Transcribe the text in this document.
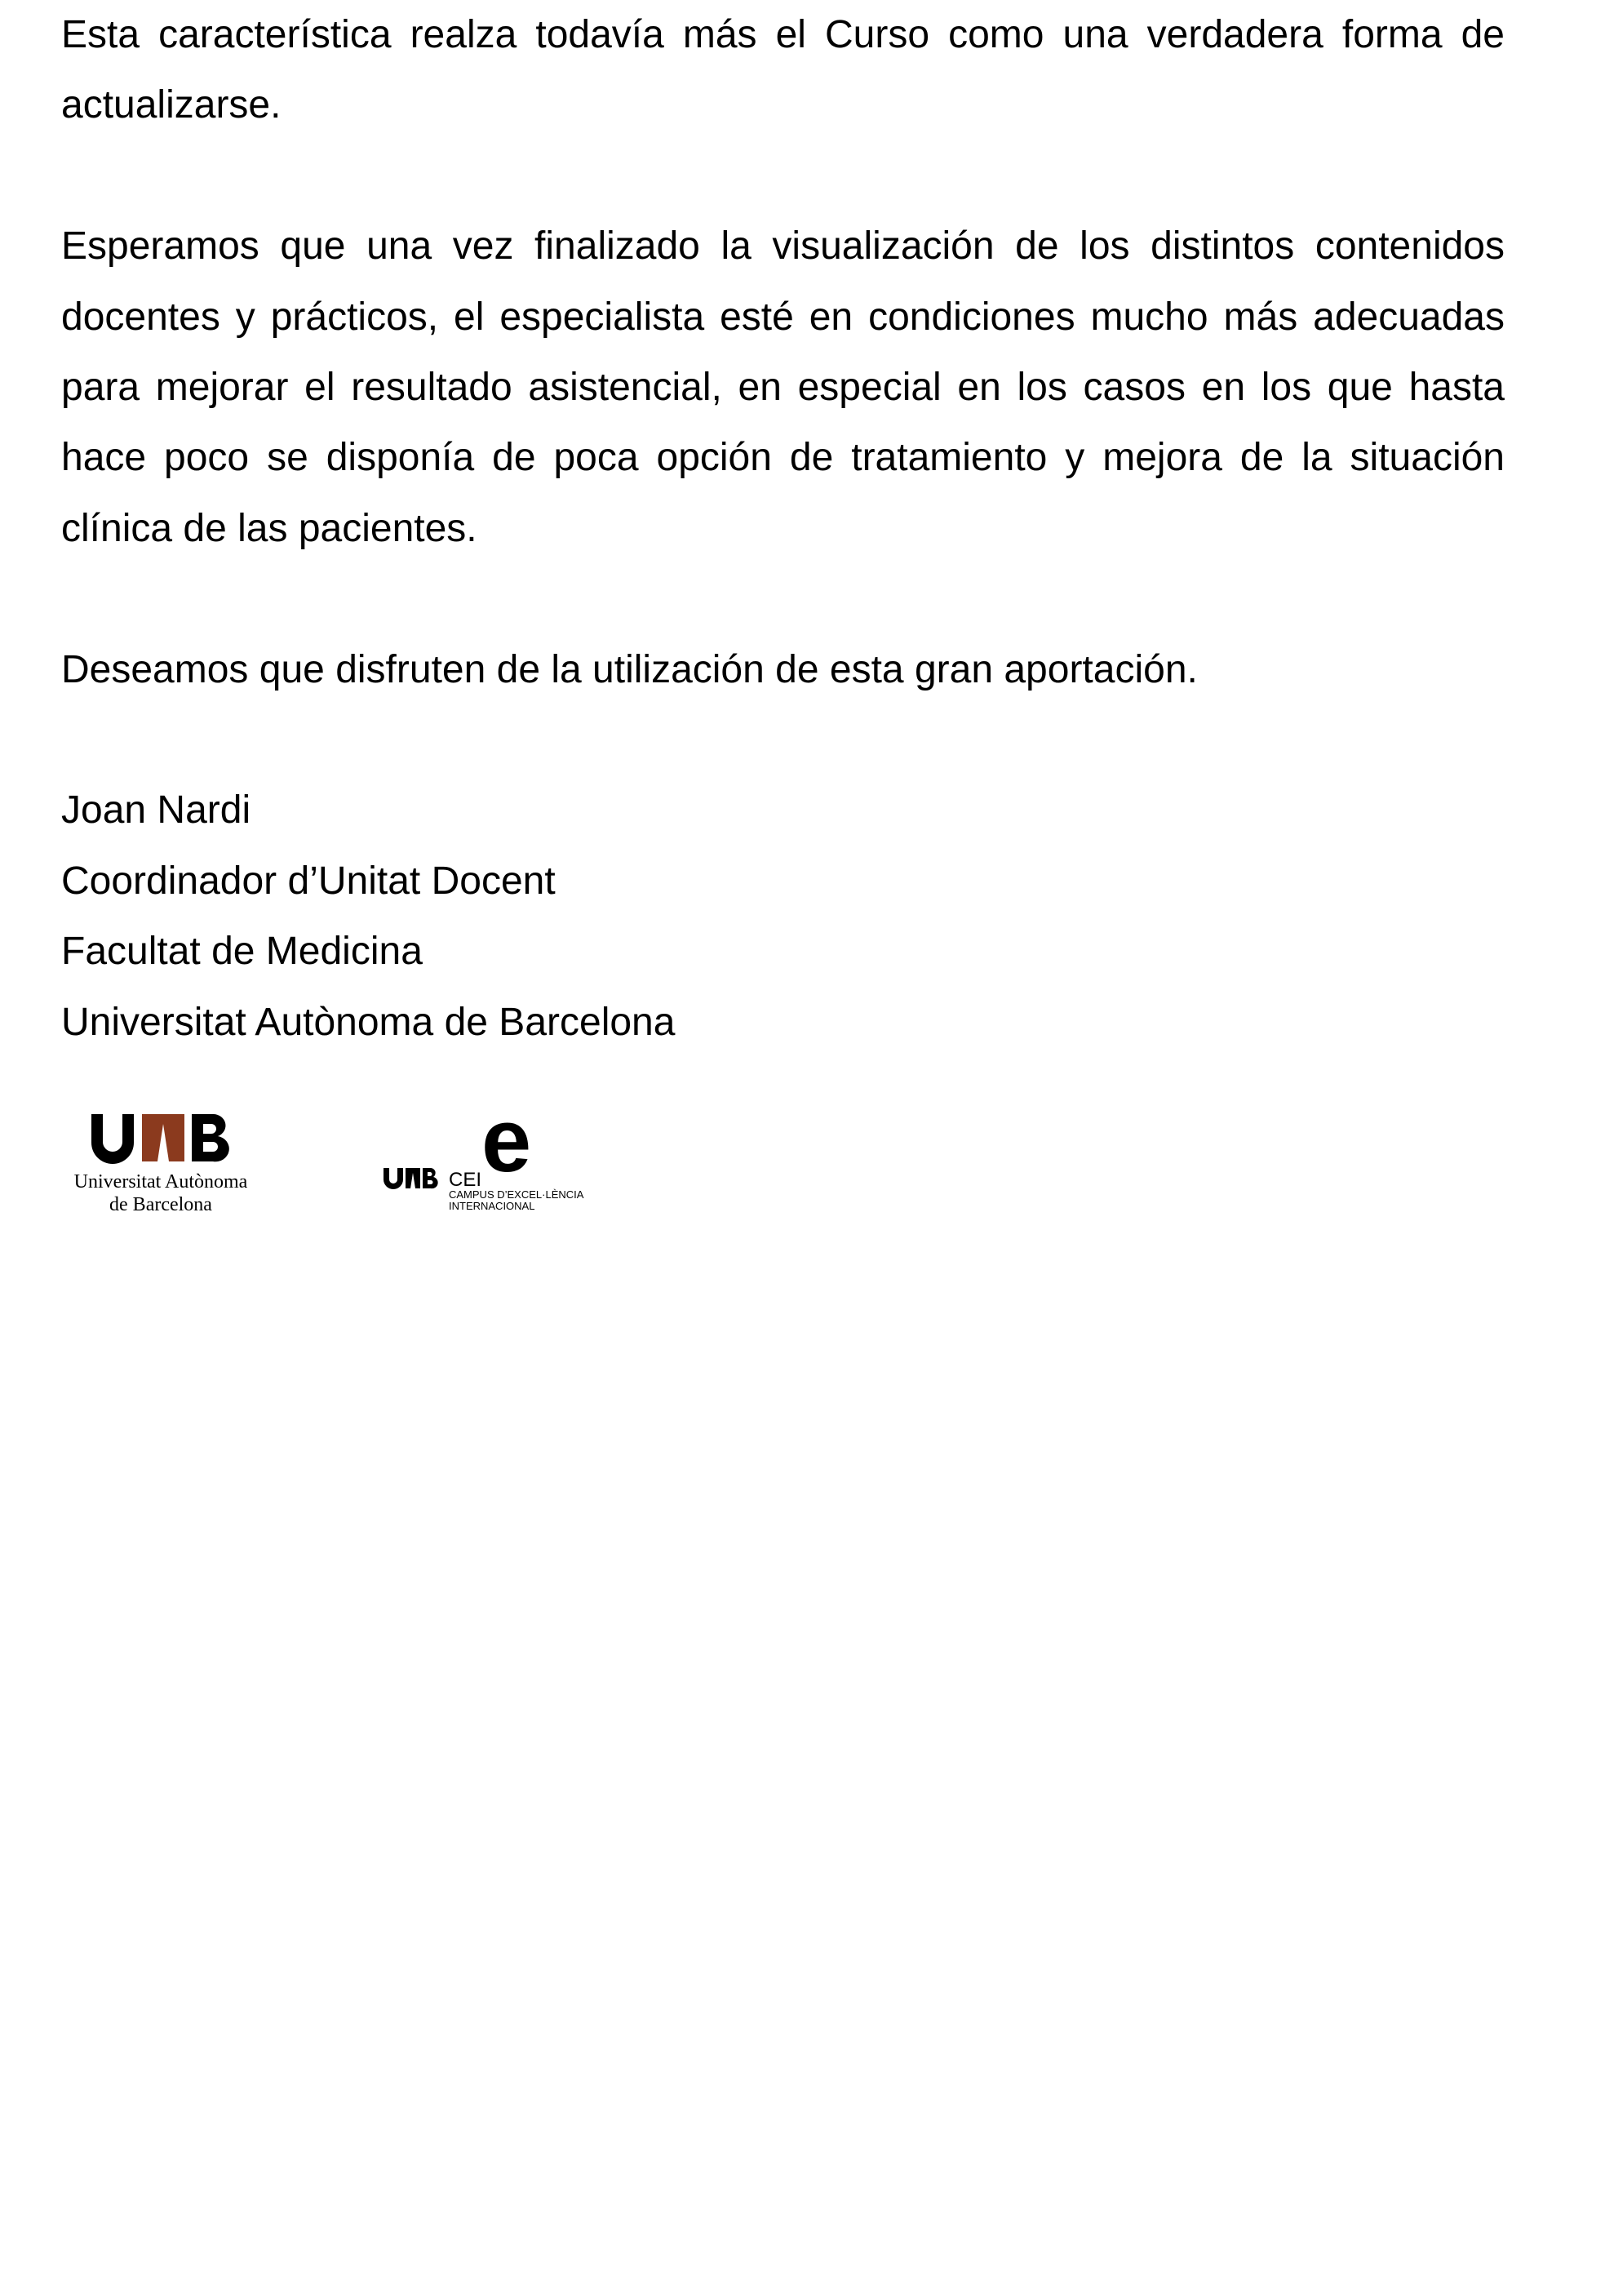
Esta característica realza todavía más el Curso como una verdadera forma de actualizarse.

Esperamos que una vez finalizado la visualización de los distintos contenidos docentes y prácticos, el especialista esté en condiciones mucho más adecuadas para mejorar el resultado asistencial, en especial en los casos en los que hasta hace poco se disponía de poca opción de tratamiento y mejora de la situación clínica de las pacientes.

Deseamos que disfruten de la utilización de esta gran aportación.

Joan Nardi

Coordinador d’Unitat Docent

Facultat de Medicina

Universitat Autònoma de Barcelona

Universitat Autònoma
de Barcelona
CEI e
CAMPUS D’EXCEL·LÈNCIA
INTERNACIONAL
